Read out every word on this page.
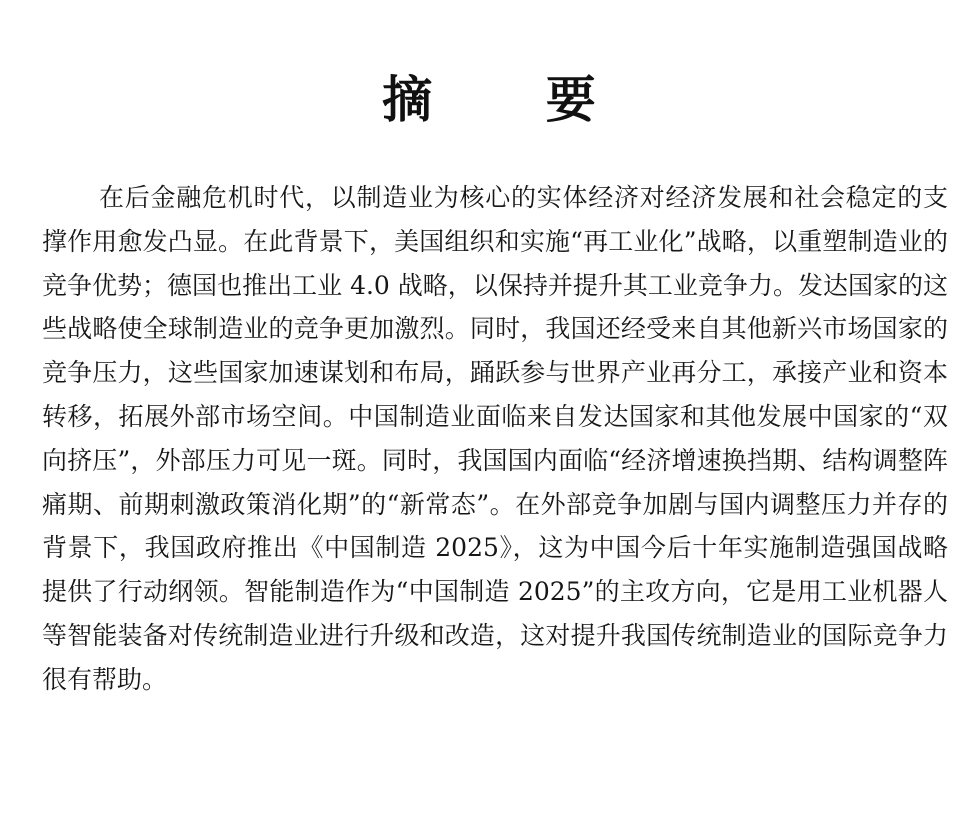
摘 要

在后金融危机时代，以制造业为核心的实体经济对经济发展和社会稳定的支撑作用愈发凸显。在此背景下，美国组织和实施“再工业化”战略，以重塑制造业的竞争优势；德国也推出工业 4.0 战略，以保持并提升其工业竞争力。发达国家的这些战略使全球制造业的竞争更加激烈。同时，我国还经受来自其他新兴市场国家的竞争压力，这些国家加速谋划和布局，踊跃参与世界产业再分工，承接产业和资本转移，拓展外部市场空间。中国制造业面临来自发达国家和其他发展中国家的“双向挤压”，外部压力可见一斑。同时，我国国内面临“经济增速换挡期、结构调整阵痛期、前期刺激政策消化期”的“新常态”。在外部竞争加剧与国内调整压力并存的背景下，我国政府推出《中国制造 2025》，这为中国今后十年实施制造强国战略提供了行动纲领。智能制造作为“中国制造 2025”的主攻方向，它是用工业机器人等智能装备对传统制造业进行升级和改造，这对提升我国传统制造业的国际竞争力很有帮助。
